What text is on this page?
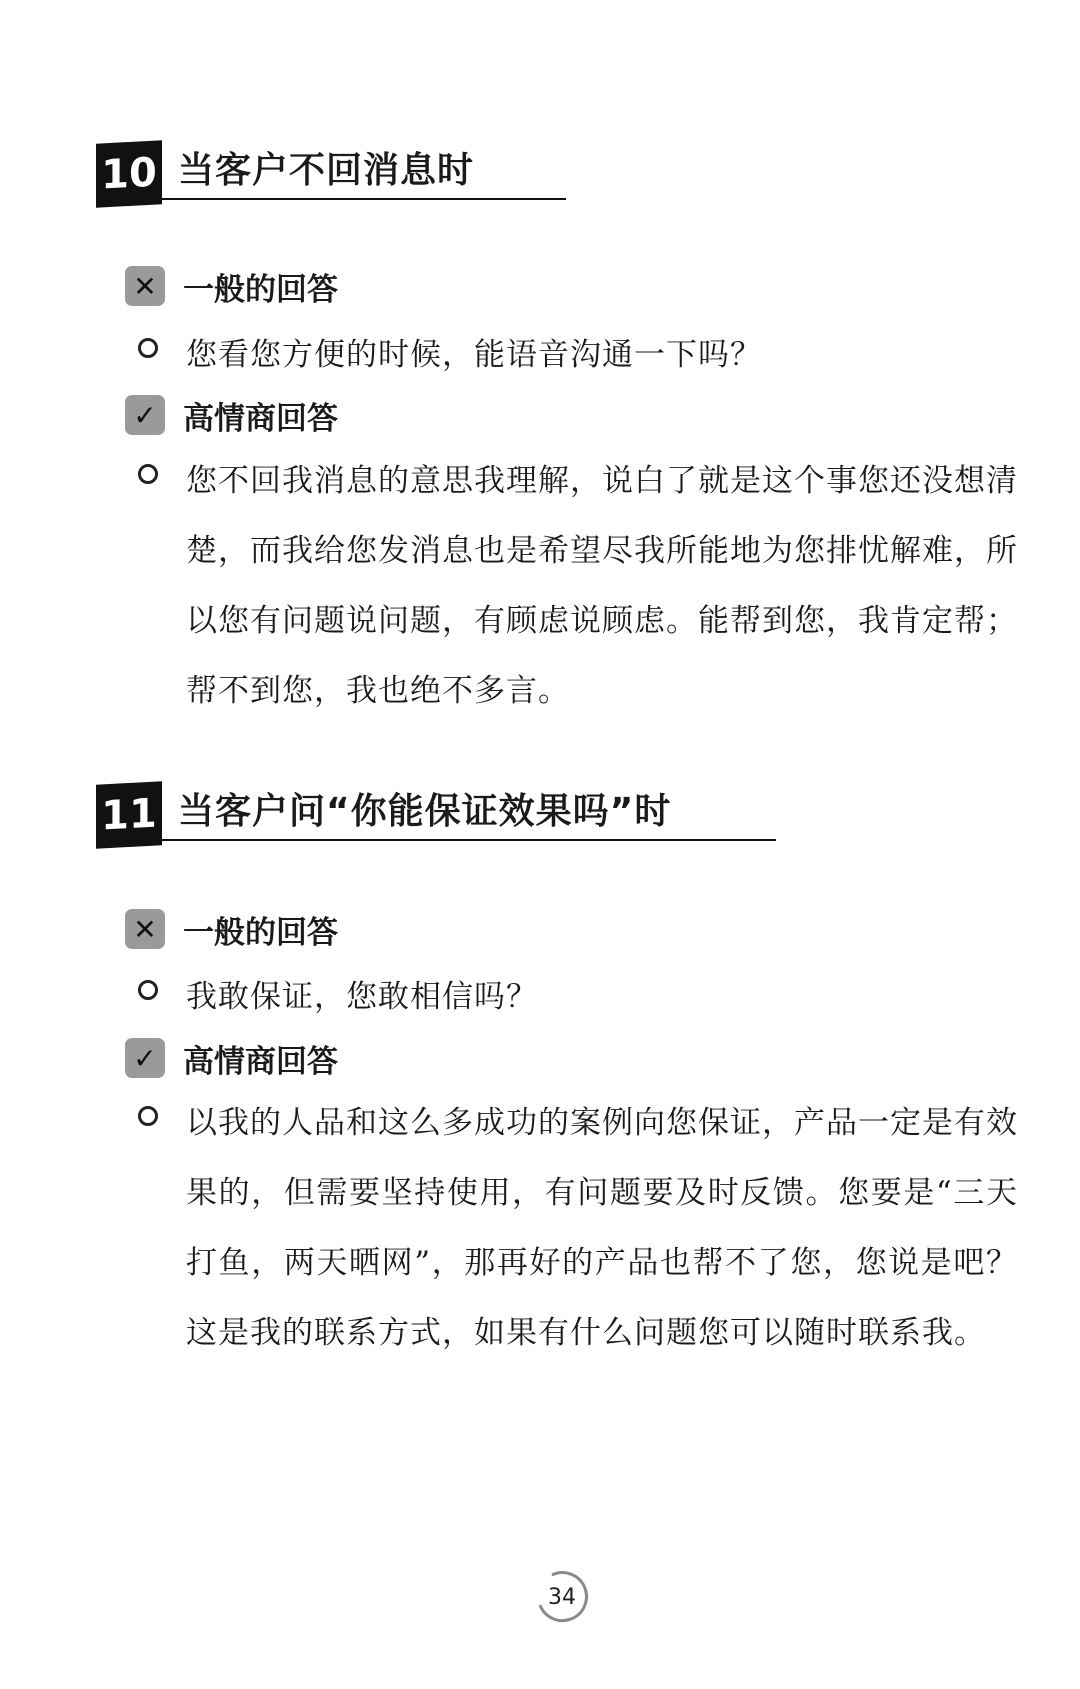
10 当客户不回消息时
✕ 一般的回答
您看您方便的时候，能语音沟通一下吗？
✓ 高情商回答
您不回我消息的意思我理解，说白了就是这个事您还没想清楚，而我给您发消息也是希望尽我所能地为您排忧解难，所以您有问题说问题，有顾虑说顾虑。能帮到您，我肯定帮；帮不到您，我也绝不多言。
11 当客户问“你能保证效果吗”时
✕ 一般的回答
我敢保证，您敢相信吗？
✓ 高情商回答
以我的人品和这么多成功的案例向您保证，产品一定是有效果的，但需要坚持使用，有问题要及时反馈。您要是“三天打鱼，两天晒网”，那再好的产品也帮不了您，您说是吧？这是我的联系方式，如果有什么问题您可以随时联系我。
34
